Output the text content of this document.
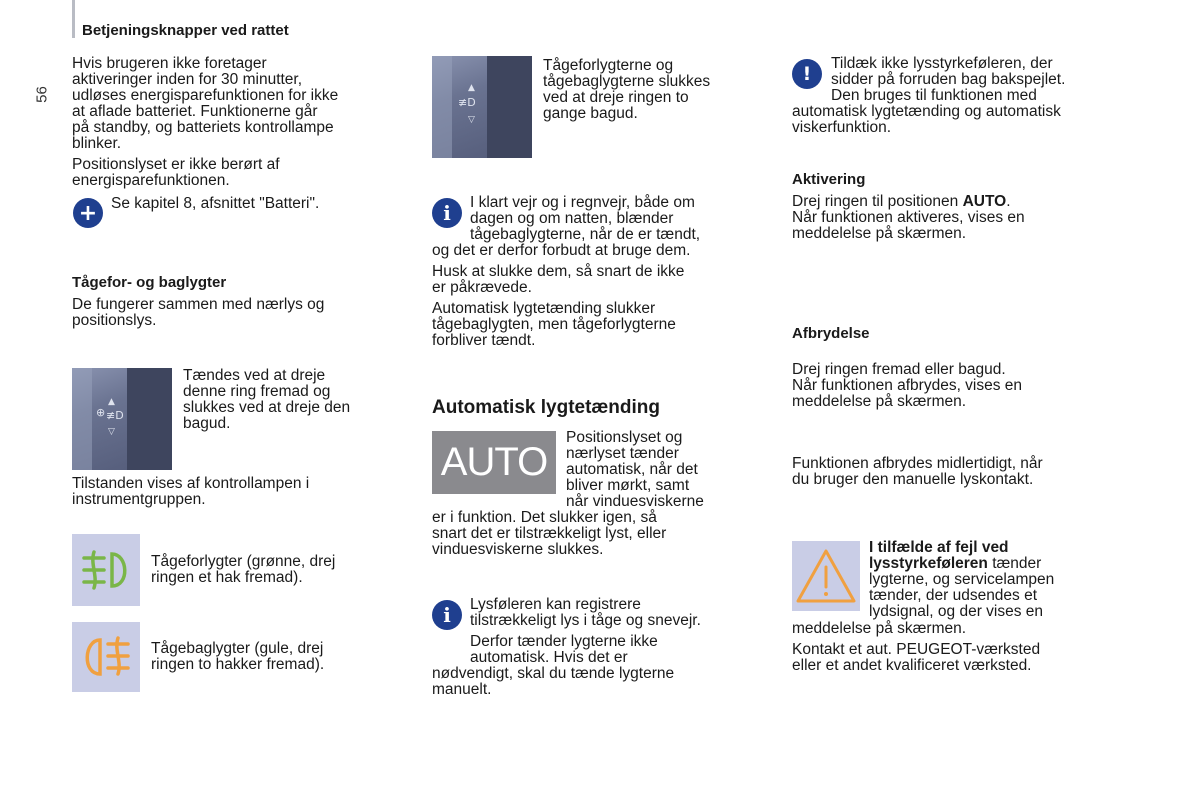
Betjeningsknapper ved rattet
56

Hvis brugeren ikke foretager

aktiveringer inden for 30 minutter,

udløses energisparefunktionen for ikke

at aflade batteriet. Funktionerne går

på standby, og batteriets kontrollampe

blinker.

Positionslyset er ikke berørt af

energisparefunktionen.

+ Se kapitel 8, afsnittet "Batteri".
Tågefor- og baglygter

De fungerer sammen med nærlys og

positionslys.

⊕
▲
▽
≢D

Tændes ved at dreje

denne ring fremad og

slukkes ved at dreje den

bagud.

Tilstanden vises af kontrollampen i

instrumentgruppen.

Tågeforlygter (grønne, drej

ringen et hak fremad).

Tågebaglygter (gule, drej

ringen to hakker fremad).

▲
≢D
▽

Tågeforlygterne og

tågebaglygterne slukkes

ved at dreje ringen to

gange bagud.

i	I klart vejr og i regnvejr, både om

dagen og om natten, blænder

tågebaglygterne, når de er tændt,

og det er derfor forbudt at bruge dem.

Husk at slukke dem, så snart de ikke

er påkrævede.

Automatisk lygtetænding slukker

tågebaglygten, men tågeforlygterne

forbliver tændt.

Automatisk lygtetænding
AUTO

Positionslyset og

nærlyset tænder

automatisk, når det

bliver mørkt, samt

når vinduesviskerne

er i funktion. Det slukker igen, så

snart det er tilstrækkeligt lyst, eller

vinduesviskerne slukkes.

i	Lysføleren kan registrere

tilstrækkeligt lys i tåge og snevejr.

Derfor tænder lygterne ikke

automatisk. Hvis det er

nødvendigt, skal du tænde lygterne

manuelt.

!	Tildæk ikke lysstyrkeføleren, der

sidder på forruden bag bakspejlet.

Den bruges til funktionen med

automatisk lygtetænding og automatisk

viskerfunktion.

Aktivering

Drej ringen til positionen AUTO.

Når funktionen aktiveres, vises en

meddelelse på skærmen.

Afbrydelse

Drej ringen fremad eller bagud.

Når funktionen afbrydes, vises en

meddelelse på skærmen.

Funktionen afbrydes midlertidigt, når

du bruger den manuelle lyskontakt.

I tilfælde af fejl ved

lysstyrkeføleren tænder

lygterne, og servicelampen

tænder, der udsendes et

lydsignal, og der vises en

meddelelse på skærmen.

Kontakt et aut. PEUGEOT-værksted

eller et andet kvalificeret værksted.
